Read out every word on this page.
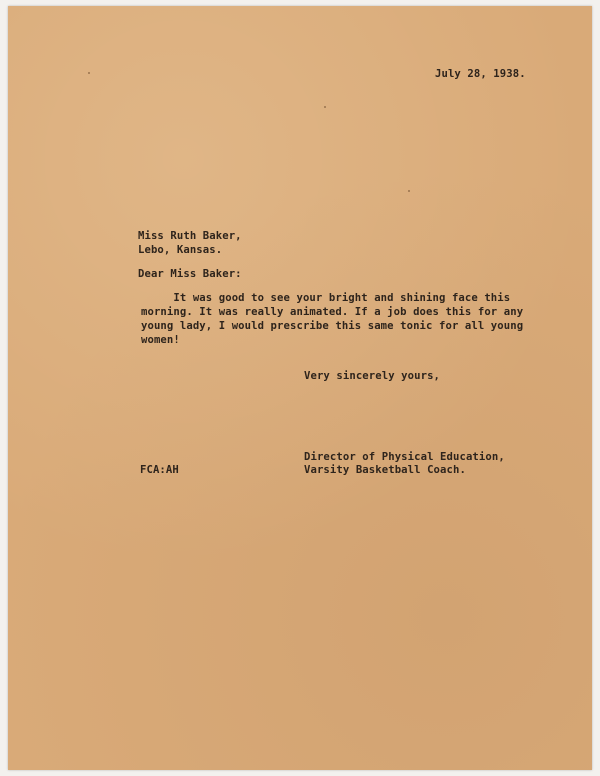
July 28, 1938.
Miss Ruth Baker,
Lebo, Kansas.
Dear Miss Baker:
It was good to see your bright and shining face this
morning. It was really animated. If a job does this for any
young lady, I would prescribe this same tonic for all young
women!
Very sincerely yours,
Director of Physical Education,
Varsity Basketball Coach.
FCA:AH
